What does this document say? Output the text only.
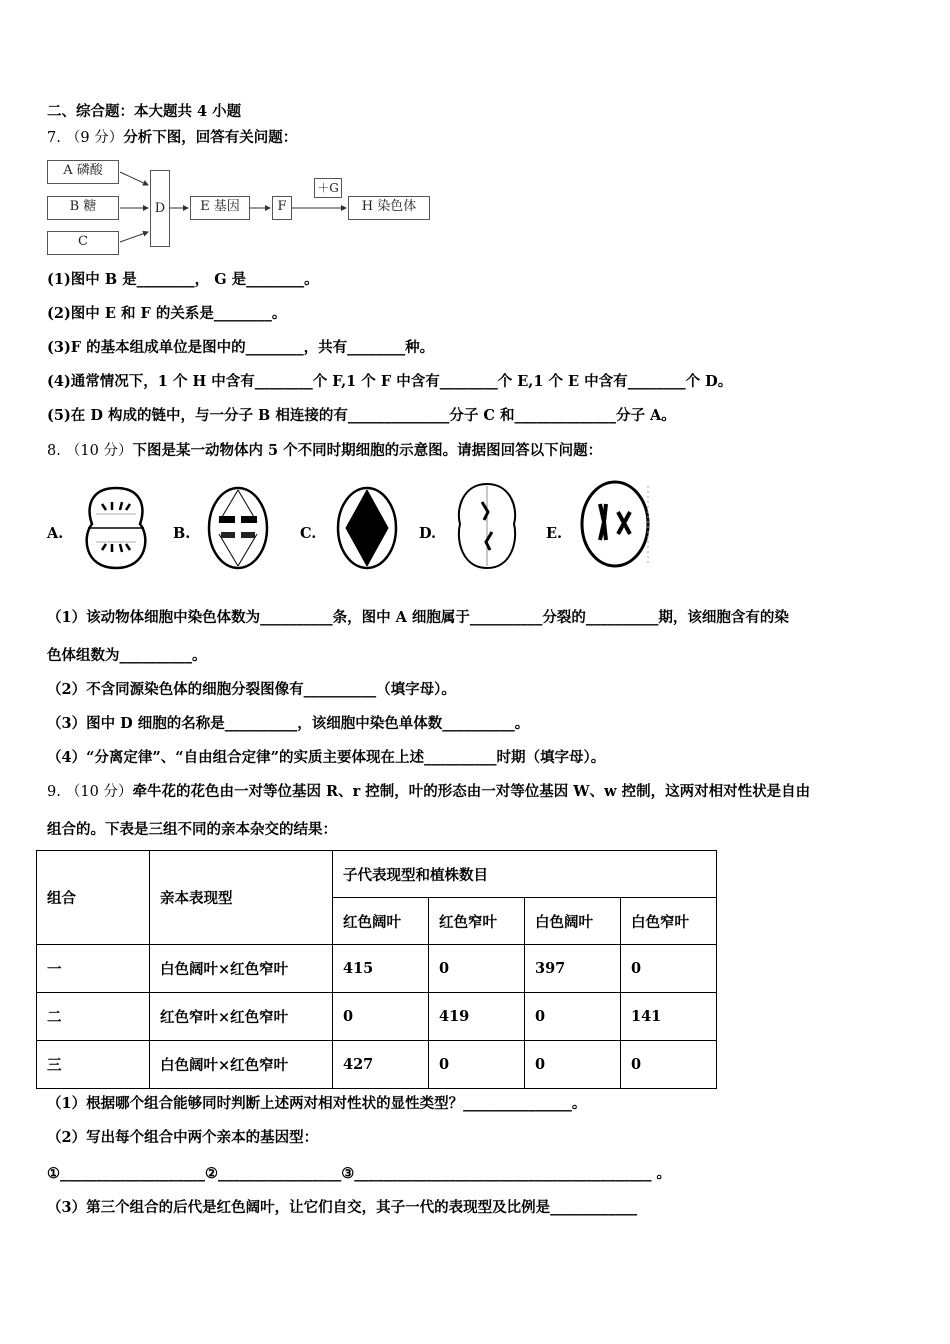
二、综合题：本大题共 4 小题
7. （9 分）分析下图，回答有关问题：
A 磷酸
B 糖
C
D	E 基因	F
＋G
H 染色体
(1)图中 B 是________， G 是________。
(2)图中 E 和 F 的关系是________。
(3)F 的基本组成单位是图中的________，共有________种。
(4)通常情况下，1 个 H 中含有________个 F,1 个 F 中含有________个 E,1 个 E 中含有________个 D。
(5)在 D 构成的链中，与一分子 B 相连接的有______________分子 C 和______________分子 A。
8. （10 分）下图是某一动物体内 5 个不同时期细胞的示意图。请据图回答以下问题：
A.	B.	C.	D.	E.
（1）该动物体细胞中染色体数为__________条，图中 A 细胞属于__________分裂的__________期，该细胞含有的染
色体组数为__________。
（2）不含同源染色体的细胞分裂图像有__________（填字母）。
（3）图中 D 细胞的名称是__________，该细胞中染色单体数__________。
（4）“分离定律”、“自由组合定律”的实质主要体现在上述__________时期（填字母）。
9. （10 分）牵牛花的花色由一对等位基因 R、r 控制，叶的形态由一对等位基因 W、w 控制，这两对相对性状是自由
组合的。下表是三组不同的亲本杂交的结果：
组合	亲本表现型	子代表现型和植株数目			
		红色阔叶	红色窄叶	白色阔叶	白色窄叶
一	白色阔叶×红色窄叶	415	0	397	0
二	红色窄叶×红色窄叶	0	419	0	141
三	白色阔叶×红色窄叶	427	0	0	0
（1）根据哪个组合能够同时判断上述两对相对性状的显性类型？_______________。
（2）写出每个组合中两个亲本的基因型：
①____________________②_________________③_________________________________________ 。
（3）第三个组合的后代是红色阔叶，让它们自交，其子一代的表现型及比例是____________
